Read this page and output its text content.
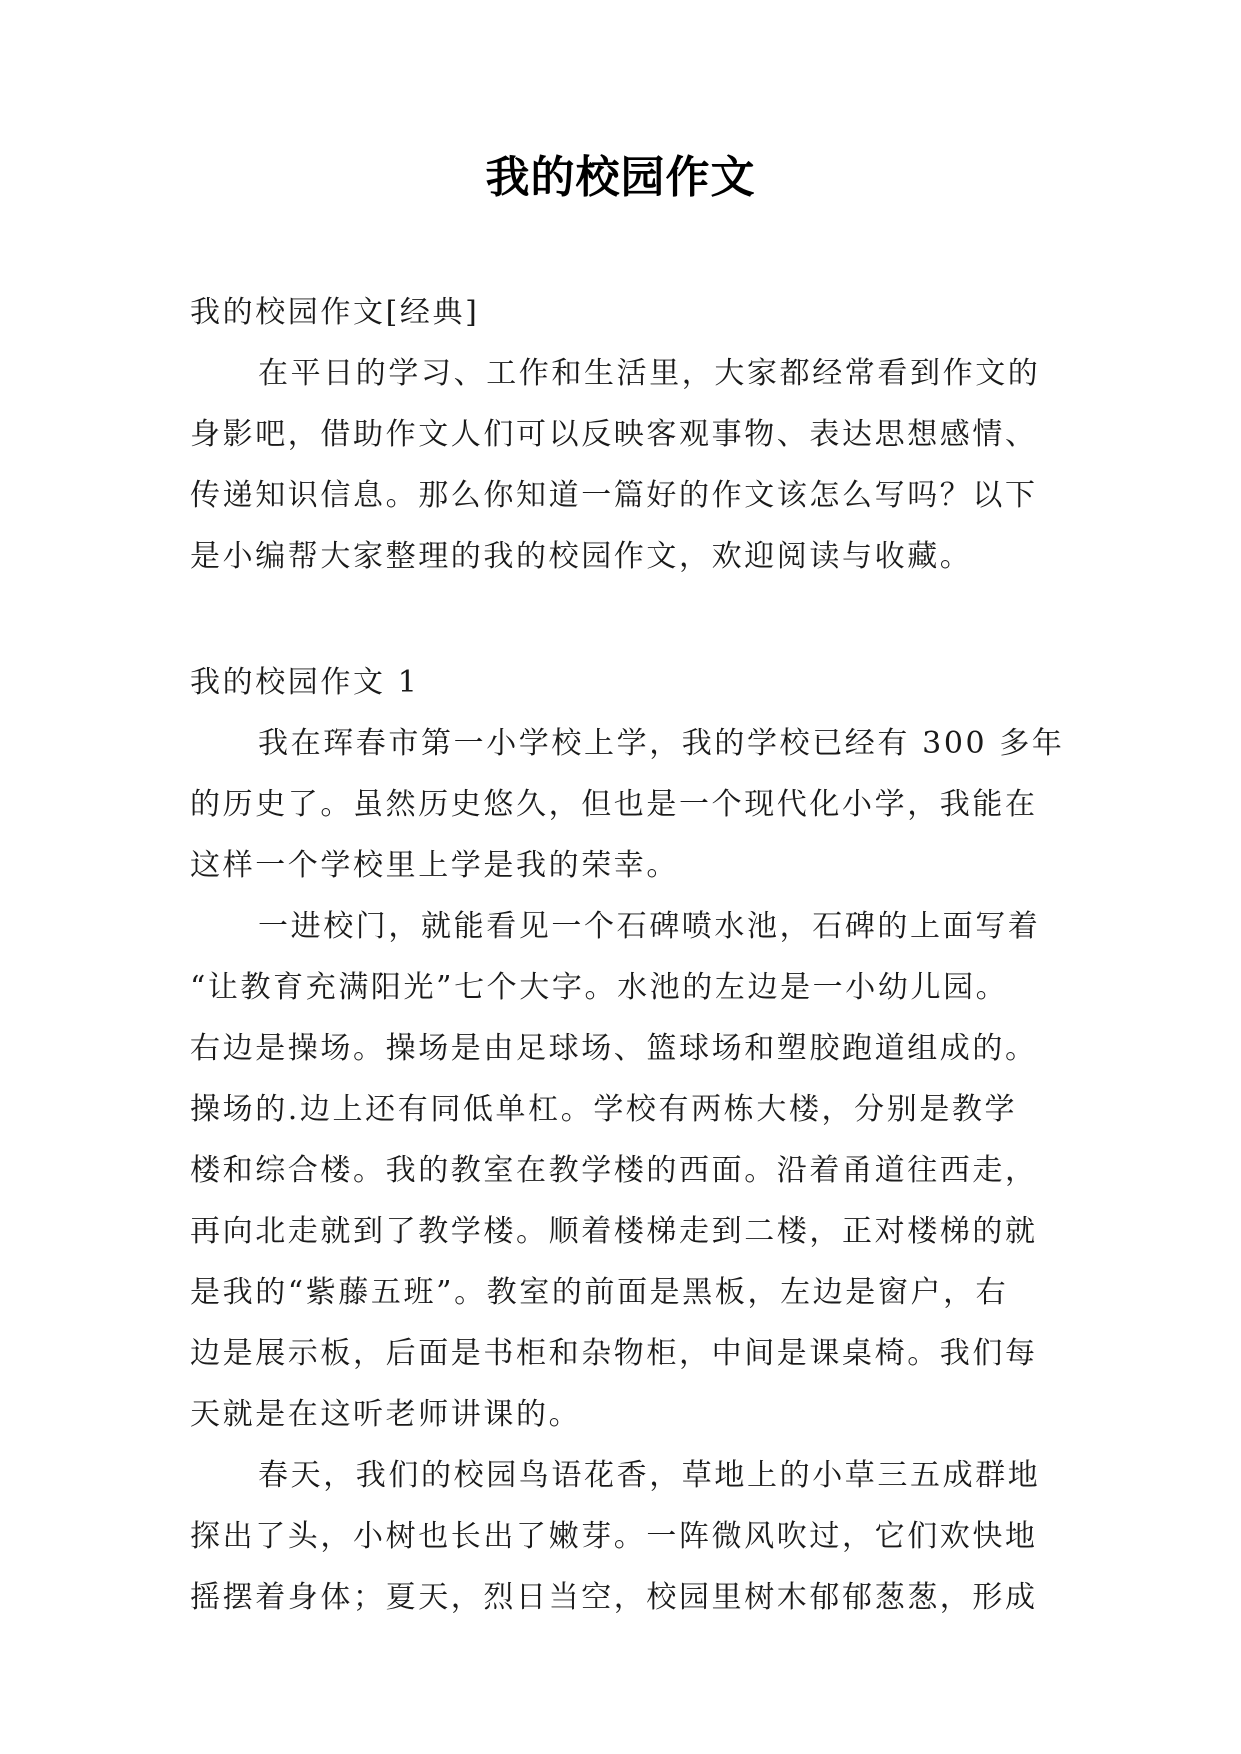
我的校园作文
我的校园作文[经典]
在平日的学习、工作和生活里，大家都经常看到作文的
身影吧，借助作文人们可以反映客观事物、表达思想感情、
传递知识信息。那么你知道一篇好的作文该怎么写吗？以下
是小编帮大家整理的我的校园作文，欢迎阅读与收藏。
我的校园作文 1
我在珲春市第一小学校上学，我的学校已经有 300 多年
的历史了。虽然历史悠久，但也是一个现代化小学，我能在
这样一个学校里上学是我的荣幸。
一进校门，就能看见一个石碑喷水池，石碑的上面写着
“让教育充满阳光”七个大字。水池的左边是一小幼儿园。
右边是操场。操场是由足球场、篮球场和塑胶跑道组成的。
操场的.边上还有同低单杠。学校有两栋大楼，分别是教学
楼和综合楼。我的教室在教学楼的西面。沿着甬道往西走，
再向北走就到了教学楼。顺着楼梯走到二楼，正对楼梯的就
是我的“紫藤五班”。教室的前面是黑板，左边是窗户，右
边是展示板，后面是书柜和杂物柜，中间是课桌椅。我们每
天就是在这听老师讲课的。
春天，我们的校园鸟语花香，草地上的小草三五成群地
探出了头，小树也长出了嫩芽。一阵微风吹过，它们欢快地
摇摆着身体；夏天，烈日当空，校园里树木郁郁葱葱，形成
